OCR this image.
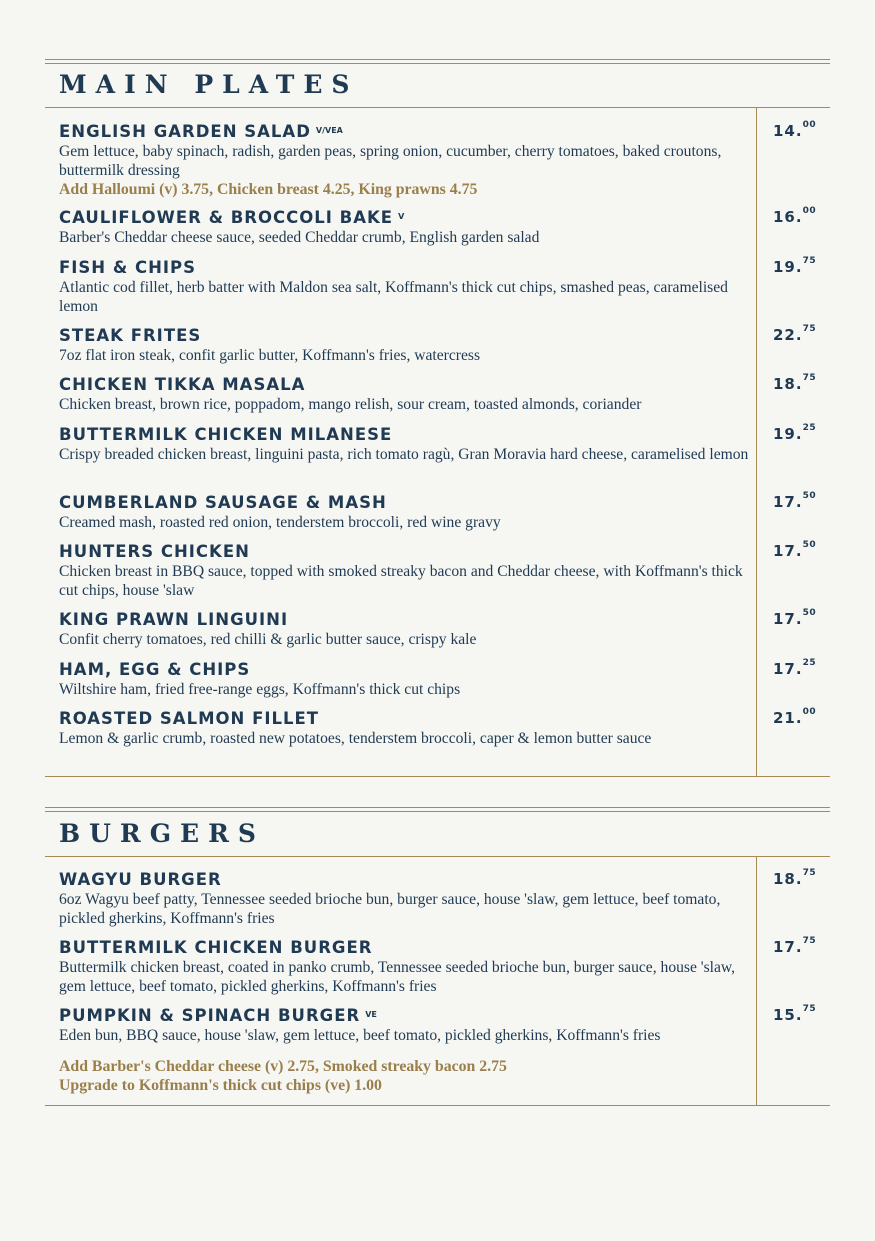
MAIN PLATES
ENGLISH GARDEN SALAD $^{V/VEA}$
Gem lettuce, baby spinach, radish, garden peas, spring onion, cucumber, cherry tomatoes, baked croutons, buttermilk dressing
Add Halloumi (v) 3.75, Chicken breast 4.25, King prawns 4.75
14.00
CAULIFLOWER & BROCCOLI BAKE $^V$
Barber's Cheddar cheese sauce, seeded Cheddar crumb, English garden salad
16.00
FISH & CHIPS
Atlantic cod fillet, herb batter with Maldon sea salt, Koffmann's thick cut chips, smashed peas, caramelised lemon
19.75
STEAK FRITES
7oz flat iron steak, confit garlic butter, Koffmann's fries, watercress
22.75
CHICKEN TIKKA MASALA
Chicken breast, brown rice, poppadom, mango relish, sour cream, toasted almonds, coriander
18.75
BUTTERMILK CHICKEN MILANESE
Crispy breaded chicken breast, linguini pasta, rich tomato ragù, Gran Moravia hard cheese, caramelised lemon
19.25
CUMBERLAND SAUSAGE & MASH
Creamed mash, roasted red onion, tenderstem broccoli, red wine gravy
17.50
HUNTERS CHICKEN
Chicken breast in BBQ sauce, topped with smoked streaky bacon and Cheddar cheese, with Koffmann's thick cut chips, house 'slaw
17.50
KING PRAWN LINGUINI
Confit cherry tomatoes, red chilli & garlic butter sauce, crispy kale
17.50
HAM, EGG & CHIPS
Wiltshire ham, fried free-range eggs, Koffmann's thick cut chips
17.25
ROASTED SALMON FILLET
Lemon & garlic crumb, roasted new potatoes, tenderstem broccoli, caper & lemon butter sauce
21.00
BURGERS
WAGYU BURGER
6oz Wagyu beef patty, Tennessee seeded brioche bun, burger sauce, house 'slaw, gem lettuce, beef tomato, pickled gherkins, Koffmann's fries
18.75
BUTTERMILK CHICKEN BURGER
Buttermilk chicken breast, coated in panko crumb, Tennessee seeded brioche bun, burger sauce, house 'slaw, gem lettuce, beef tomato, pickled gherkins, Koffmann's fries
17.75
PUMPKIN & SPINACH BURGER $^{VE}$
Eden bun, BBQ sauce, house 'slaw, gem lettuce, beef tomato, pickled gherkins, Koffmann's fries
15.75
Add Barber's Cheddar cheese (v) 2.75, Smoked streaky bacon 2.75
Upgrade to Koffmann's thick cut chips (ve) 1.00
